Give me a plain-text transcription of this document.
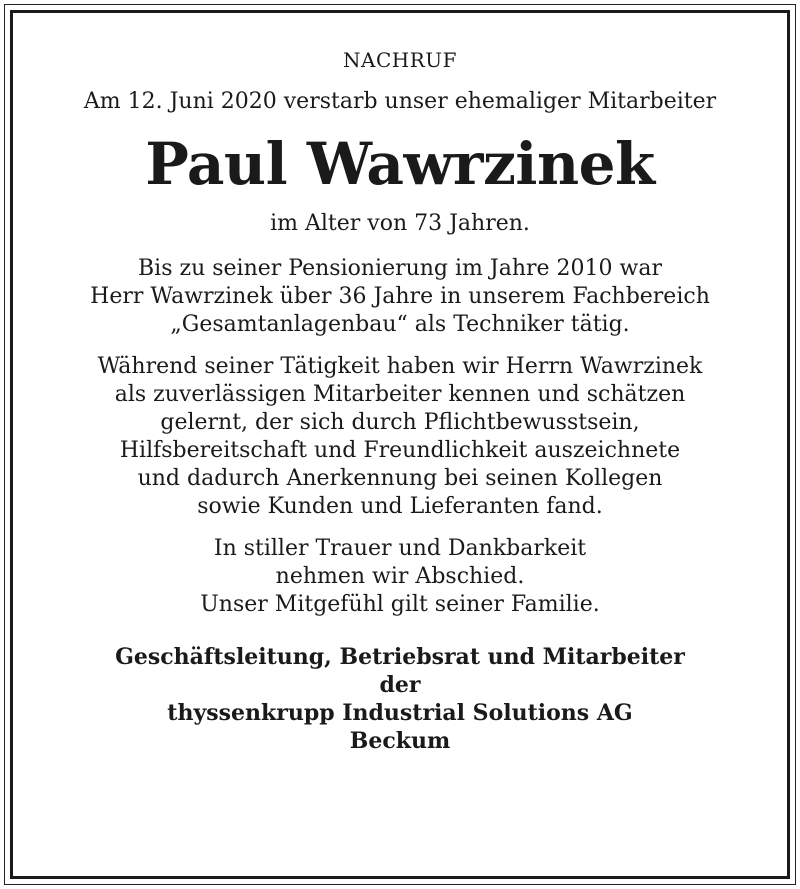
NACHRUF
Am 12. Juni 2020 verstarb unser ehemaliger Mitarbeiter
Paul Wawrzinek
im Alter von 73 Jahren.
Bis zu seiner Pensionierung im Jahre 2010 war
Herr Wawrzinek über 36 Jahre in unserem Fachbereich
„Gesamtanlagenbau“ als Techniker tätig.
Während seiner Tätigkeit haben wir Herrn Wawrzinek
als zuverlässigen Mitarbeiter kennen und schätzen
gelernt, der sich durch Pflichtbewusstsein,
Hilfsbereitschaft und Freundlichkeit auszeichnete
und dadurch Anerkennung bei seinen Kollegen
sowie Kunden und Lieferanten fand.
In stiller Trauer und Dankbarkeit
nehmen wir Abschied.
Unser Mitgefühl gilt seiner Familie.
Geschäftsleitung, Betriebsrat und Mitarbeiter
der
thyssenkrupp Industrial Solutions AG
Beckum
